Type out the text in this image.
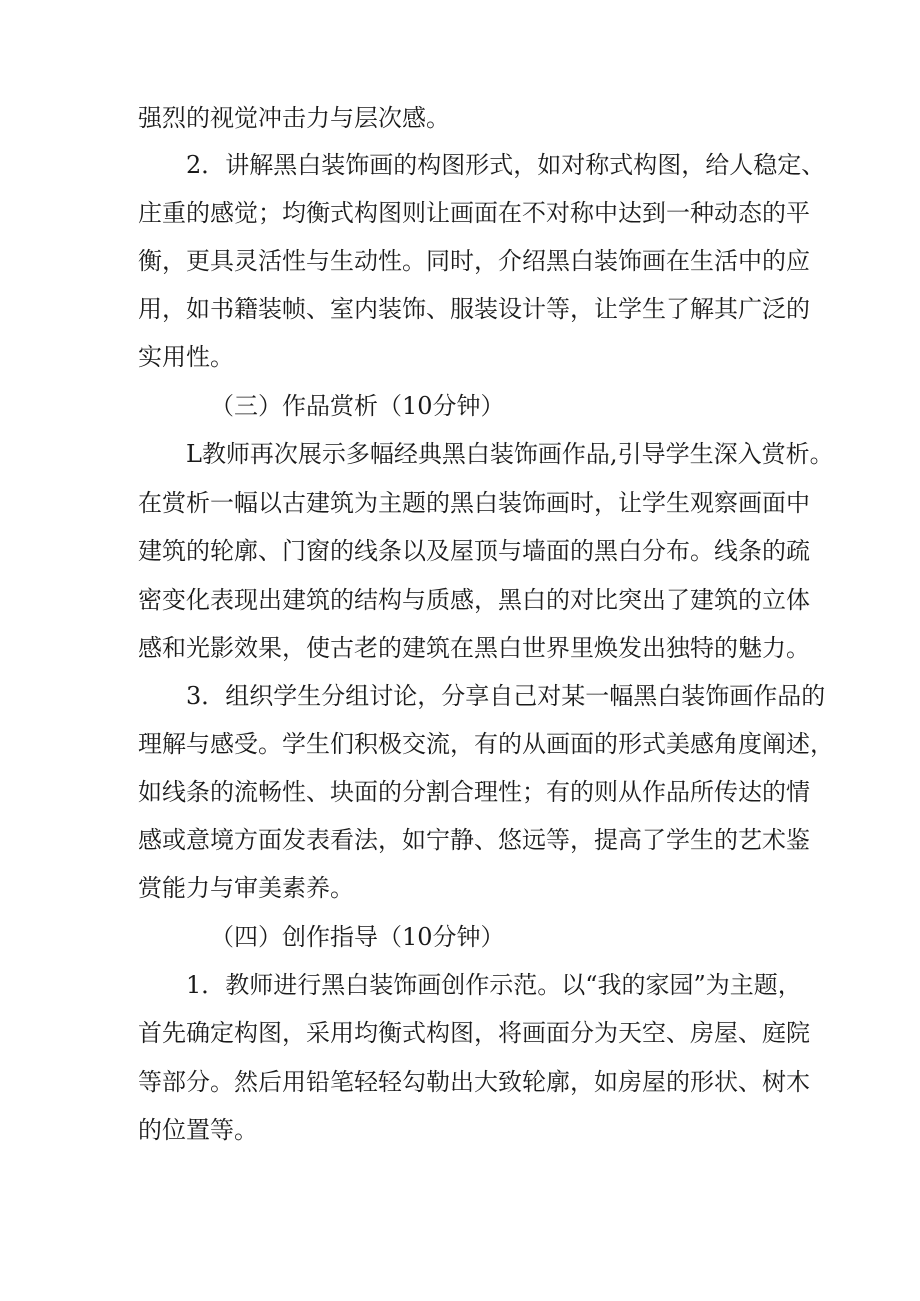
强烈的视觉冲击力与层次感。
2．讲解黑白装饰画的构图形式，如对称式构图，给人稳定、
庄重的感觉；均衡式构图则让画面在不对称中达到一种动态的平
衡，更具灵活性与生动性。同时，介绍黑白装饰画在生活中的应
用，如书籍装帧、室内装饰、服装设计等，让学生了解其广泛的
实用性。
（三）作品赏析（10分钟）
L教师再次展示多幅经典黑白装饰画作品,引导学生深入赏析。
在赏析一幅以古建筑为主题的黑白装饰画时，让学生观察画面中
建筑的轮廓、门窗的线条以及屋顶与墙面的黑白分布。线条的疏
密变化表现出建筑的结构与质感，黑白的对比突出了建筑的立体
感和光影效果，使古老的建筑在黑白世界里焕发出独特的魅力。
3．组织学生分组讨论，分享自己对某一幅黑白装饰画作品的
理解与感受。学生们积极交流，有的从画面的形式美感角度阐述，
如线条的流畅性、块面的分割合理性；有的则从作品所传达的情
感或意境方面发表看法，如宁静、悠远等，提高了学生的艺术鉴
赏能力与审美素养。
（四）创作指导（10分钟）
1．教师进行黑白装饰画创作示范。以“我的家园”为主题，
首先确定构图，采用均衡式构图，将画面分为天空、房屋、庭院
等部分。然后用铅笔轻轻勾勒出大致轮廓，如房屋的形状、树木
的位置等。
